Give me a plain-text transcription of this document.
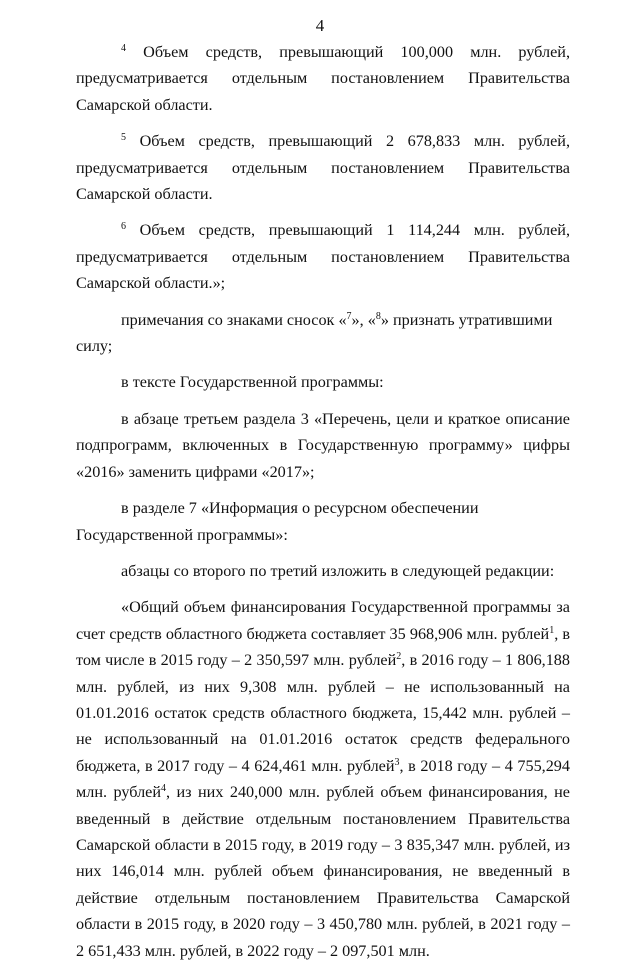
4

$^4$ Объем средств, превышающий 100,000 млн. рублей, предусматривается отдельным постановлением Правительства Самарской области.

$^5$ Объем средств, превышающий 2 678,833 млн. рублей, предусматривается отдельным постановлением Правительства Самарской области.

$^6$ Объем средств, превышающий 1 114,244 млн. рублей, предусматривается отдельным постановлением Правительства Самарской области.»;

примечания со знаками сносок «$^7$», «$^8$» признать утратившими силу;

в тексте Государственной программы:

в абзаце третьем раздела 3 «Перечень, цели и краткое описание подпрограмм, включенных в Государственную программу» цифры «2016» заменить цифрами «2017»;

в разделе 7 «Информация о ресурсном обеспечении Государственной программы»:

абзацы со второго по третий изложить в следующей редакции:

«Общий объем финансирования Государственной программы за счет средств областного бюджета составляет 35 968,906 млн. рублей$^1$, в том числе в 2015 году – 2 350,597 млн. рублей$^2$, в 2016 году – 1 806,188 млн. рублей, из них 9,308 млн. рублей – не использованный на 01.01.2016 остаток средств областного бюджета, 15,442 млн. рублей – не использованный на 01.01.2016 остаток средств федерального бюджета, в 2017 году – 4 624,461 млн. рублей$^3$, в 2018 году – 4 755,294 млн. рублей$^4$, из них 240,000 млн. рублей объем финансирования, не введенный в действие отдельным постановлением Правительства Самарской области в 2015 году, в 2019 году – 3 835,347 млн. рублей, из них 146,014 млн. рублей объем финансирования, не введенный в действие отдельным постановлением Правительства Самарской области в 2015 году, в 2020 году – 3 450,780 млн. рублей, в 2021 году – 2 651,433 млн. рублей, в 2022 году – 2 097,501 млн.
